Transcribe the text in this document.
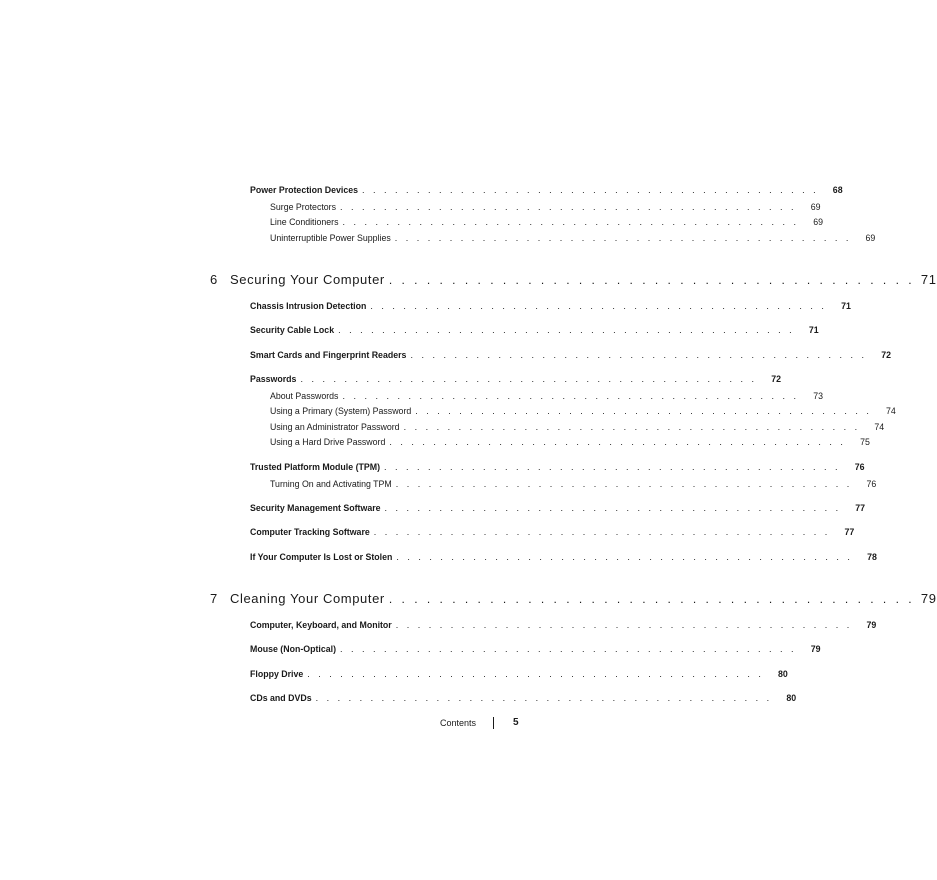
Power Protection Devices . . . . . . . . . . . . . . . . . . . . . . . . . . . . . . . . . . . . . . . . . .	68
Surge Protectors . . . . . . . . . . . . . . . . . . . . . . . . . . . . . . . . . . . . . . . . . .	69
Line Conditioners . . . . . . . . . . . . . . . . . . . . . . . . . . . . . . . . . . . . . . . . . .	69
Uninterruptible Power Supplies . . . . . . . . . . . . . . . . . . . . . . . . . . . . . . . . . . . . . . . . . .	69
6 Securing Your Computer . . . . . . . . . . . . . . . . . . . . . . . . . . . . . . . . . . . . . . . . . . 71
Chassis Intrusion Detection . . . . . . . . . . . . . . . . . . . . . . . . . . . . . . . . . . . . . . . . . .	71
Security Cable Lock . . . . . . . . . . . . . . . . . . . . . . . . . . . . . . . . . . . . . . . . . .	71
Smart Cards and Fingerprint Readers . . . . . . . . . . . . . . . . . . . . . . . . . . . . . . . . . . . . . . . . . .	72
Passwords . . . . . . . . . . . . . . . . . . . . . . . . . . . . . . . . . . . . . . . . . .	72
About Passwords . . . . . . . . . . . . . . . . . . . . . . . . . . . . . . . . . . . . . . . . . .	73
Using a Primary (System) Password . . . . . . . . . . . . . . . . . . . . . . . . . . . . . . . . . . . . . . . . . .	74
Using an Administrator Password . . . . . . . . . . . . . . . . . . . . . . . . . . . . . . . . . . . . . . . . . .	74
Using a Hard Drive Password . . . . . . . . . . . . . . . . . . . . . . . . . . . . . . . . . . . . . . . . . .	75
Trusted Platform Module (TPM) . . . . . . . . . . . . . . . . . . . . . . . . . . . . . . . . . . . . . . . . . .	76
Turning On and Activating TPM . . . . . . . . . . . . . . . . . . . . . . . . . . . . . . . . . . . . . . . . . .	76
Security Management Software . . . . . . . . . . . . . . . . . . . . . . . . . . . . . . . . . . . . . . . . . .	77
Computer Tracking Software . . . . . . . . . . . . . . . . . . . . . . . . . . . . . . . . . . . . . . . . . .	77
If Your Computer Is Lost or Stolen . . . . . . . . . . . . . . . . . . . . . . . . . . . . . . . . . . . . . . . . . .	78
7 Cleaning Your Computer . . . . . . . . . . . . . . . . . . . . . . . . . . . . . . . . . . . . . . . . . . 79
Computer, Keyboard, and Monitor . . . . . . . . . . . . . . . . . . . . . . . . . . . . . . . . . . . . . . . . . .	79
Mouse (Non-Optical) . . . . . . . . . . . . . . . . . . . . . . . . . . . . . . . . . . . . . . . . . .	79
Floppy Drive . . . . . . . . . . . . . . . . . . . . . . . . . . . . . . . . . . . . . . . . . .	80
CDs and DVDs . . . . . . . . . . . . . . . . . . . . . . . . . . . . . . . . . . . . . . . . . .	80
Contents	5
